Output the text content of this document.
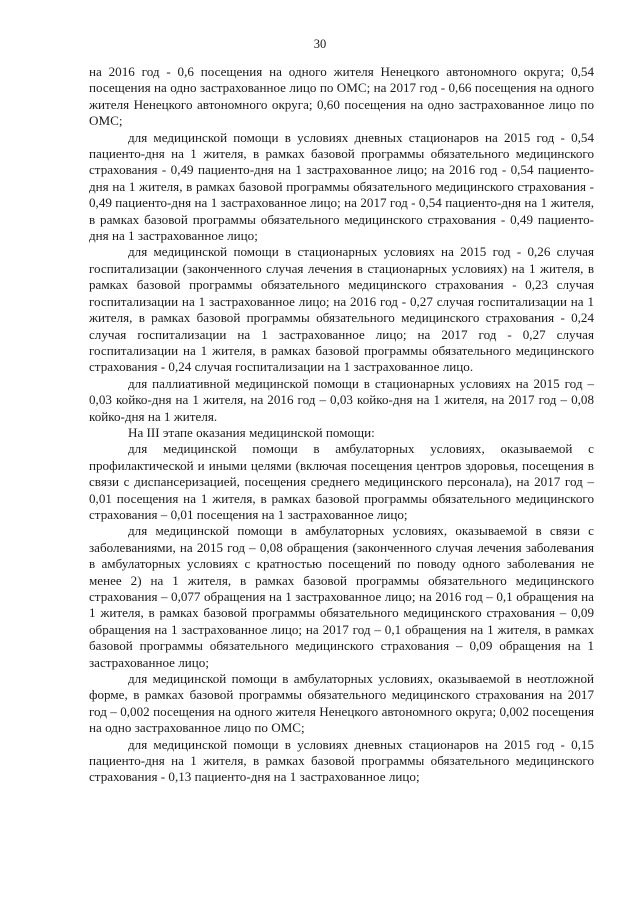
30

на 2016 год - 0,6 посещения на одного жителя Ненецкого автономного округа; 0,54 посещения на одно застрахованное лицо по ОМС; на 2017 год - 0,66 посещения на одного жителя Ненецкого автономного округа; 0,60 посещения на одно застрахованное лицо по ОМС;

для медицинской помощи в условиях дневных стационаров на 2015 год - 0,54 пациенто-дня на 1 жителя, в рамках базовой программы обязательного медицинского страхования - 0,49 пациенто-дня на 1 застрахованное лицо; на 2016 год - 0,54 пациенто-дня на 1 жителя, в рамках базовой программы обязательного медицинского страхования - 0,49 пациенто-дня на 1 застрахованное лицо; на 2017 год - 0,54 пациенто-дня на 1 жителя, в рамках базовой программы обязательного медицинского страхования - 0,49 пациенто-дня на 1 застрахованное лицо;

для медицинской помощи в стационарных условиях на 2015 год - 0,26 случая госпитализации (законченного случая лечения в стационарных условиях) на 1 жителя, в рамках базовой программы обязательного медицинского страхования - 0,23 случая госпитализации на 1 застрахованное лицо; на 2016 год - 0,27 случая госпитализации на 1 жителя, в рамках базовой программы обязательного медицинского страхования - 0,24 случая госпитализации на 1 застрахованное лицо; на 2017 год - 0,27 случая госпитализации на 1 жителя, в рамках базовой программы обязательного медицинского страхования - 0,24 случая госпитализации на 1 застрахованное лицо.

для паллиативной медицинской помощи в стационарных условиях на 2015 год – 0,03 койко-дня на 1 жителя, на 2016 год – 0,03 койко-дня на 1 жителя, на 2017 год – 0,08 койко-дня на 1 жителя.

На III этапе оказания медицинской помощи:

для медицинской помощи в амбулаторных условиях, оказываемой с профилактической и иными целями (включая посещения центров здоровья, посещения в связи с диспансеризацией, посещения среднего медицинского персонала), на 2017 год – 0,01 посещения на 1 жителя, в рамках базовой программы обязательного медицинского страхования – 0,01 посещения на 1 застрахованное лицо;

для медицинской помощи в амбулаторных условиях, оказываемой в связи с заболеваниями, на 2015 год – 0,08 обращения (законченного случая лечения заболевания в амбулаторных условиях с кратностью посещений по поводу одного заболевания не менее 2) на 1 жителя, в рамках базовой программы обязательного медицинского страхования – 0,077 обращения на 1 застрахованное лицо; на 2016 год – 0,1 обращения на 1 жителя, в рамках базовой программы обязательного медицинского страхования – 0,09 обращения на 1 застрахованное лицо; на 2017 год – 0,1 обращения на 1 жителя, в рамках базовой программы обязательного медицинского страхования – 0,09 обращения на 1 застрахованное лицо;

для медицинской помощи в амбулаторных условиях, оказываемой в неотложной форме, в рамках базовой программы обязательного медицинского страхования на 2017 год – 0,002 посещения на одного жителя Ненецкого автономного округа; 0,002 посещения на одно застрахованное лицо по ОМС;

для медицинской помощи в условиях дневных стационаров на 2015 год - 0,15 пациенто-дня на 1 жителя, в рамках базовой программы обязательного медицинского страхования - 0,13 пациенто-дня на 1 застрахованное лицо;
